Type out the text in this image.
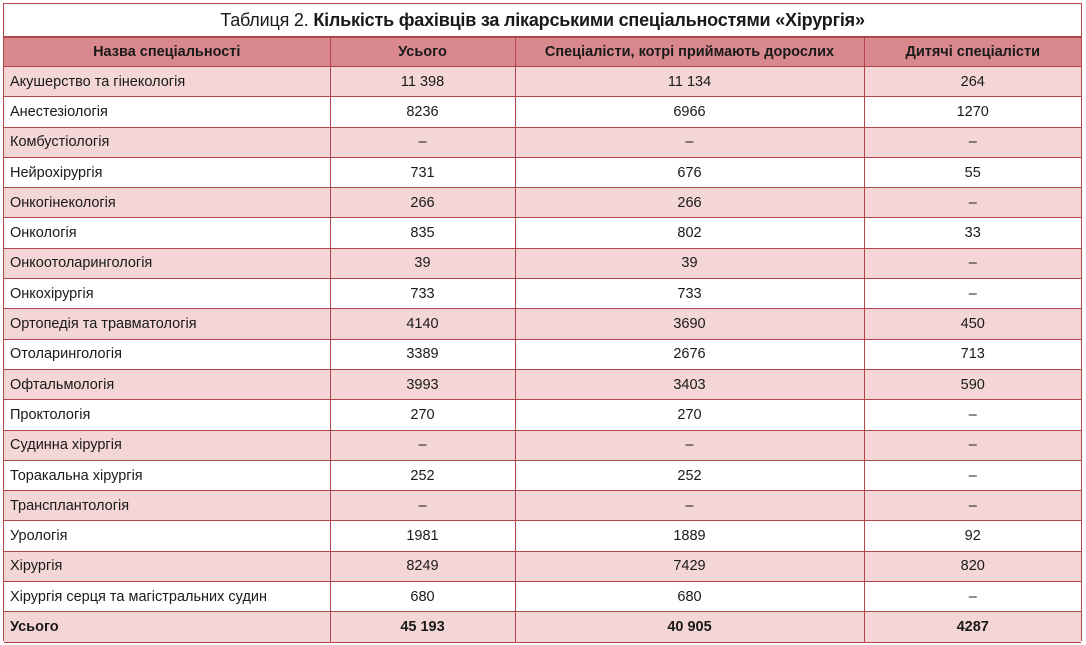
Таблиця 2. Кількість фахівців за лікарськими спеціальностями «Хірургія»
Назва спеціальності	Усього	Спеціалісти, котрі приймають дорослих	Дитячі спеціалісти
Акушерство та гінекологія	11 398	11 134	264
Анестезіологія	8236	6966	1270
Комбустіологія	–	–	–
Нейрохірургія	731	676	55
Онкогінекологія	266	266	–
Онкологія	835	802	33
Онкоотоларингологія	39	39	–
Онкохірургія	733	733	–
Ортопедія та травматологія	4140	3690	450
Отоларингологія	3389	2676	713
Офтальмологія	3993	3403	590
Проктологія	270	270	–
Судинна хірургія	–	–	–
Торакальна хірургія	252	252	–
Трансплантологія	–	–	–
Урологія	1981	1889	92
Хірургія	8249	7429	820
Хірургія серця та магістральних судин	680	680	–
Усього	45 193	40 905	4287
